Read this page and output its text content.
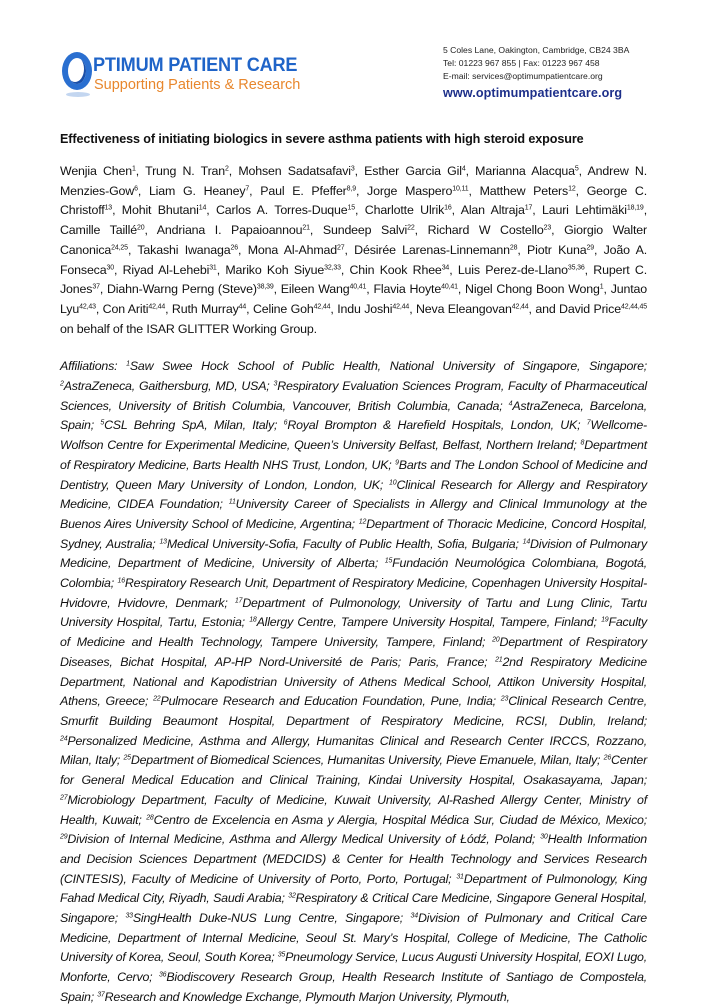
PTIMUM PATIENT CARE
Supporting Patients & Research
5 Coles Lane, Oakington, Cambridge, CB24 3BA
Tel: 01223 967 855 | Fax: 01223 967 458
E-mail: services@optimumpatientcare.org
www.optimumpatientcare.org
Effectiveness of initiating biologics in severe asthma patients with high steroid exposure

Wenjia Chen$^1$, Trung N. Tran$^2$, Mohsen Sadatsafavi$^3$, Esther Garcia Gil$^4$, Marianna Alacqua$^5$, Andrew N. Menzies-Gow$^6$, Liam G. Heaney$^7$, Paul E. Pfeffer$^{8,9}$, Jorge Maspero$^{10,11}$, Matthew Peters$^{12}$, George C. Christoff$^{13}$, Mohit Bhutani$^{14}$, Carlos A. Torres-Duque$^{15}$, Charlotte Ulrik$^{16}$, Alan Altraja$^{17}$, Lauri Lehtimäki$^{18,19}$, Camille Taillé$^{20}$, Andriana I. Papaioannou$^{21}$, Sundeep Salvi$^{22}$, Richard W Costello$^{23}$, Giorgio Walter Canonica$^{24,25}$, Takashi Iwanaga$^{26}$, Mona Al-Ahmad$^{27}$, Désirée Larenas-Linnemann$^{28}$, Piotr Kuna$^{29}$, João A. Fonseca$^{30}$, Riyad Al-Lehebi$^{31}$, Mariko Koh Siyue$^{32,33}$, Chin Kook Rhee$^{34}$, Luis Perez-de-Llano$^{35,36}$, Rupert C. Jones$^{37}$, Diahn-Warng Perng (Steve)$^{38,39}$, Eileen Wang$^{40,41}$, Flavia Hoyte$^{40,41}$, Nigel Chong Boon Wong$^1$, Juntao Lyu$^{42,43}$, Con Ariti$^{42,44}$, Ruth Murray$^{44}$, Celine Goh$^{42,44}$, Indu Joshi$^{42,44}$, Neva Eleangovan$^{42,44}$, and David Price$^{42,44,45}$ on behalf of the ISAR GLITTER Working Group.

Affiliations: $^1$Saw Swee Hock School of Public Health, National University of Singapore, Singapore; $^2$AstraZeneca, Gaithersburg, MD, USA; $^3$Respiratory Evaluation Sciences Program, Faculty of Pharmaceutical Sciences, University of British Columbia, Vancouver, British Columbia, Canada; $^4$AstraZeneca, Barcelona, Spain; $^5$CSL Behring SpA, Milan, Italy; $^6$Royal Brompton & Harefield Hospitals, London, UK; $^7$Wellcome-Wolfson Centre for Experimental Medicine, Queen’s University Belfast, Belfast, Northern Ireland; $^8$Department of Respiratory Medicine, Barts Health NHS Trust, London, UK; $^9$Barts and The London School of Medicine and Dentistry, Queen Mary University of London, London, UK; $^{10}$Clinical Research for Allergy and Respiratory Medicine, CIDEA Foundation; $^{11}$University Career of Specialists in Allergy and Clinical Immunology at the Buenos Aires University School of Medicine, Argentina; $^{12}$Department of Thoracic Medicine, Concord Hospital, Sydney, Australia; $^{13}$Medical University-Sofia, Faculty of Public Health, Sofia, Bulgaria; $^{14}$Division of Pulmonary Medicine, Department of Medicine, University of Alberta; $^{15}$Fundación Neumológica Colombiana, Bogotá, Colombia; $^{16}$Respiratory Research Unit, Department of Respiratory Medicine, Copenhagen University Hospital-Hvidovre, Hvidovre, Denmark; $^{17}$Department of Pulmonology, University of Tartu and Lung Clinic, Tartu University Hospital, Tartu, Estonia; $^{18}$Allergy Centre, Tampere University Hospital, Tampere, Finland; $^{19}$Faculty of Medicine and Health Technology, Tampere University, Tampere, Finland; $^{20}$Department of Respiratory Diseases, Bichat Hospital, AP-HP Nord-Université de Paris; Paris, France; $^{21}$2nd Respiratory Medicine Department, National and Kapodistrian University of Athens Medical School, Attikon University Hospital, Athens, Greece; $^{22}$Pulmocare Research and Education Foundation, Pune, India; $^{23}$Clinical Research Centre, Smurfit Building Beaumont Hospital, Department of Respiratory Medicine, RCSI, Dublin, Ireland; $^{24}$Personalized Medicine, Asthma and Allergy, Humanitas Clinical and Research Center IRCCS, Rozzano, Milan, Italy; $^{25}$Department of Biomedical Sciences, Humanitas University, Pieve Emanuele, Milan, Italy; $^{26}$Center for General Medical Education and Clinical Training, Kindai University Hospital, Osakasayama, Japan; $^{27}$Microbiology Department, Faculty of Medicine, Kuwait University, Al-Rashed Allergy Center, Ministry of Health, Kuwait; $^{28}$Centro de Excelencia en Asma y Alergia, Hospital Médica Sur, Ciudad de México, Mexico; $^{29}$Division of Internal Medicine, Asthma and Allergy Medical University of Łódź, Poland; $^{30}$Health Information and Decision Sciences Department (MEDCIDS) & Center for Health Technology and Services Research (CINTESIS), Faculty of Medicine of University of Porto, Porto, Portugal; $^{31}$Department of Pulmonology, King Fahad Medical City, Riyadh, Saudi Arabia; $^{32}$Respiratory & Critical Care Medicine, Singapore General Hospital, Singapore; $^{33}$SingHealth Duke-NUS Lung Centre, Singapore; $^{34}$Division of Pulmonary and Critical Care Medicine, Department of Internal Medicine, Seoul St. Mary’s Hospital, College of Medicine, The Catholic University of Korea, Seoul, South Korea; $^{35}$Pneumology Service, Lucus Augusti University Hospital, EOXI Lugo, Monforte, Cervo; $^{36}$Biodiscovery Research Group, Health Research Institute of Santiago de Compostela, Spain; $^{37}$Research and Knowledge Exchange, Plymouth Marjon University, Plymouth,
